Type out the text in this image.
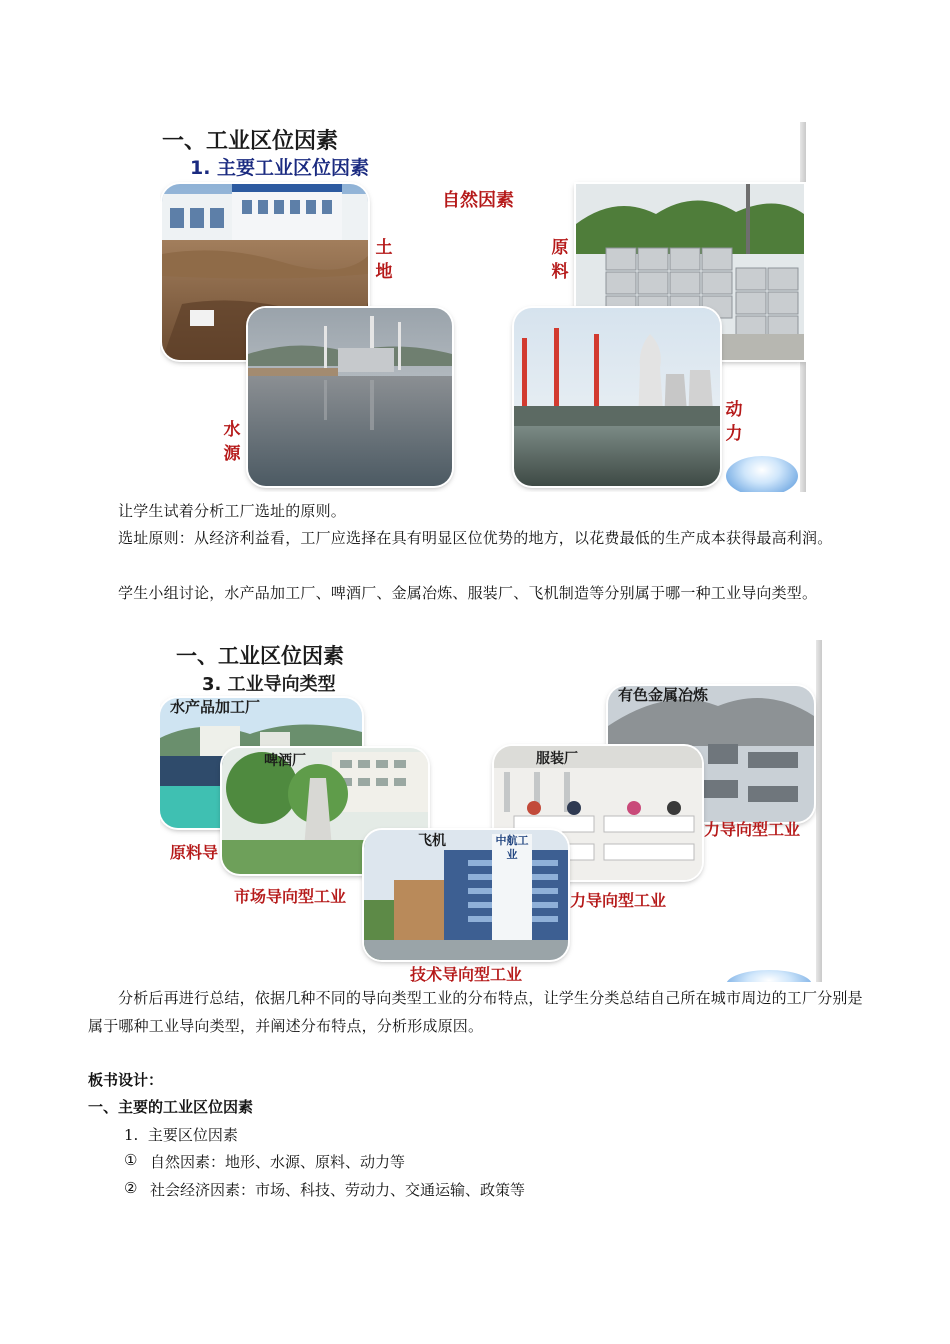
一、工业区位因素
1. 主要工业区位因素
自然因素
土地
原料
水源
动力
让学生试着分析工厂选址的原则。
选址原则：从经济利益看，工厂应选择在具有明显区位优势的地方，以花费最低的生产成本获得最高利润。
学生小组讨论，水产品加工厂、啤酒厂、金属冶炼、服装厂、飞机制造等分别属于哪一种工业导向类型。
一、工业区位因素
3. 工业导向类型
中航工业
水产品加工厂
啤酒厂
有色金属冶炼
服装厂
飞机
原料导
市场导向型工业
力导向型工业
力导向型工业
技术导向型工业
分析后再进行总结，依据几种不同的导向类型工业的分布特点，让学生分类总结自己所在城市周边的工厂分别是属于哪种工业导向类型，并阐述分布特点，分析形成原因。
板书设计：
一、主要的工业区位因素
1.  主要区位因素
① 自然因素：地形、水源、原料、动力等
② 社会经济因素：市场、科技、劳动力、交通运输、政策等
